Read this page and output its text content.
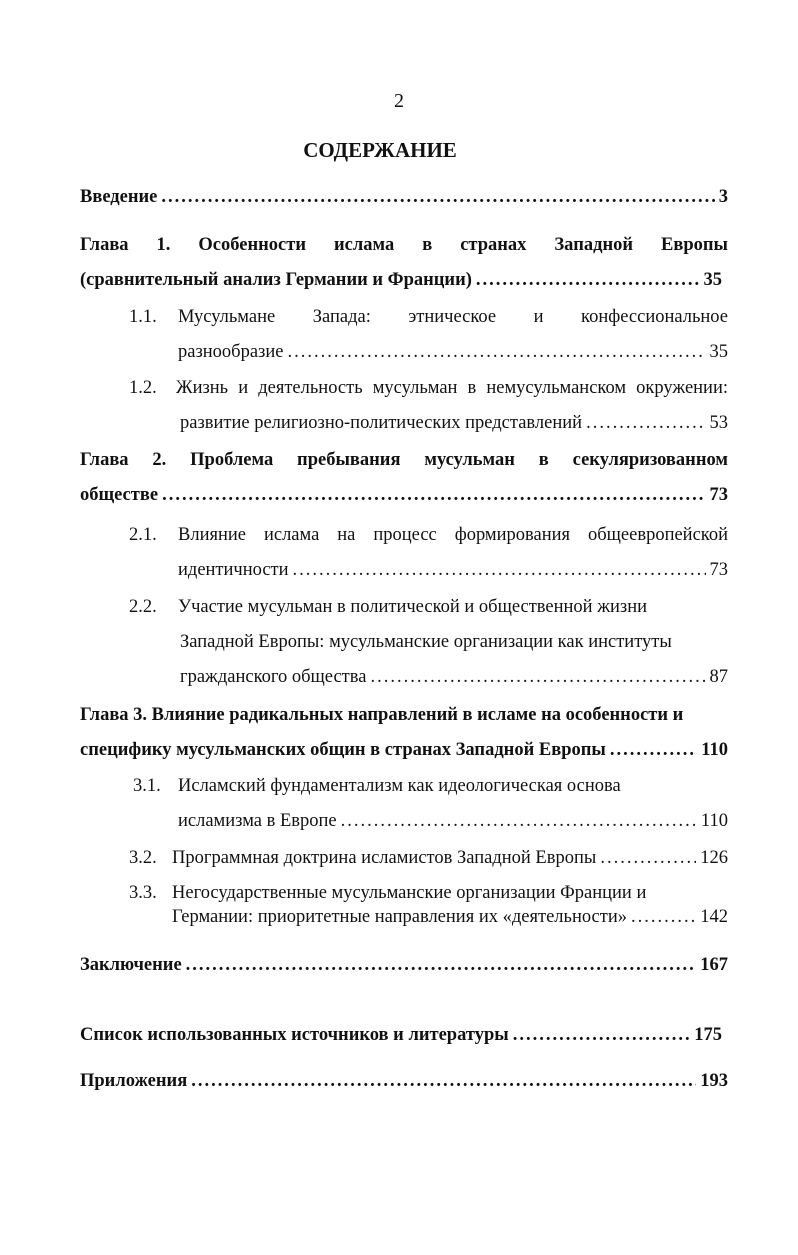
2
СОДЕРЖАНИЕ
Введение .....	3
Глава 1. Особенности ислама в странах Западной Европы
(сравнительный анализ Германии и Франции) .....	35
1.1. Мусульмане Запада: этническое и конфессиональное
разнообразие .....	35
1.2. Жизнь и деятельность мусульман в немусульманском окружении:
развитие религиозно-политических представлений .....	53
Глава 2. Проблема пребывания мусульман в секуляризованном
обществе .....	73
2.1. Влияние ислама на процесс формирования общеевропейской
идентичности .....	73
2.2. Участие мусульман в политической и общественной жизни
Западной Европы: мусульманские организации как институты
гражданского общества .....	87
Глава 3. Влияние радикальных направлений в исламе на особенности и
специфику мусульманских общин в странах Западной Европы .....	110
3.1. Исламский фундаментализм как идеологическая основа
исламизма в Европе .....	110
3.2. Программная доктрина исламистов Западной Европы .....	126
3.3. Негосударственные мусульманские организации Франции и
Германии: приоритетные направления их «деятельности» .....	142
Заключение .....	167
Список использованных источников и литературы .....	175
Приложения .....	193
